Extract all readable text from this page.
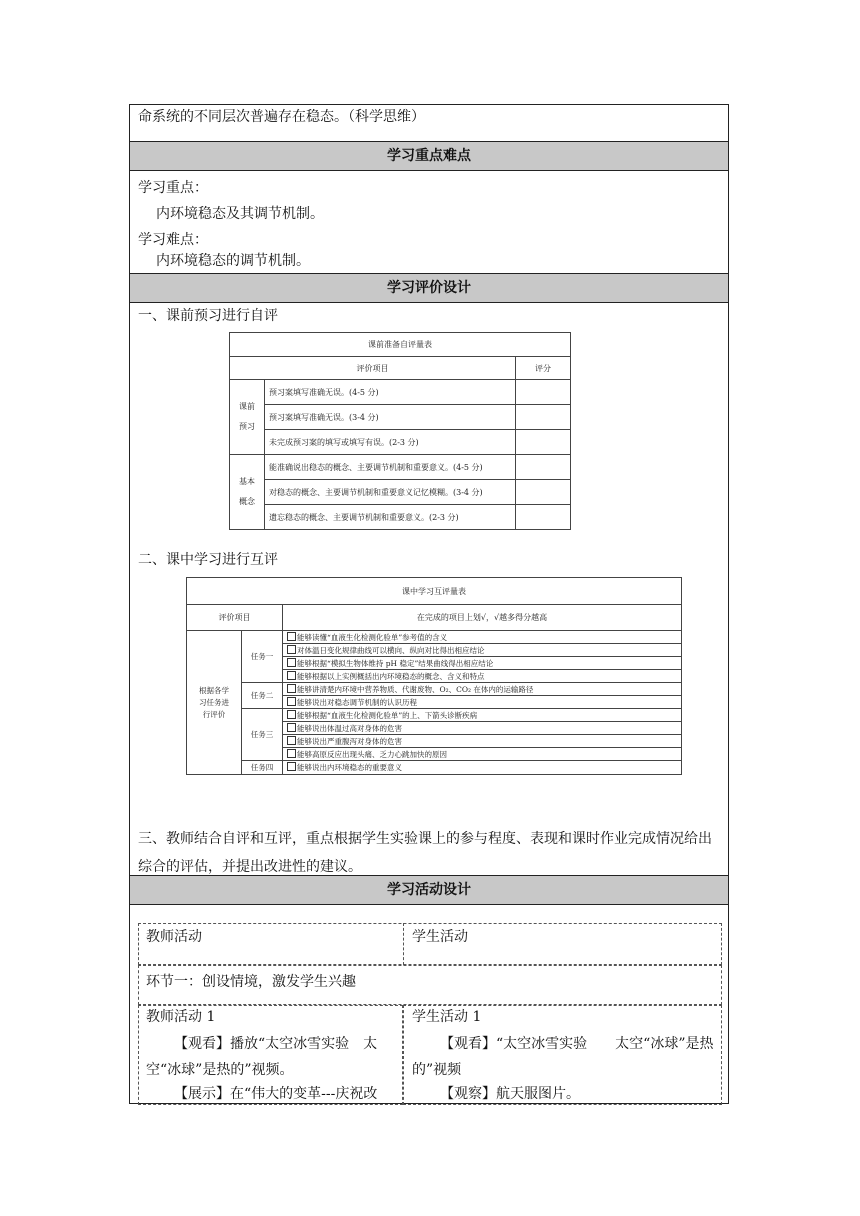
命系统的不同层次普遍存在稳态。（科学思维）
学习重点难点
学习重点：
内环境稳态及其调节机制。
学习难点：
内环境稳态的调节机制。
学习评价设计
一、课前预习进行自评
课前准备自评量表		
评价项目		评分
课前
预习	预习案填写准确无误。(4-5 分)	
	预习案填写准确无误。(3-4 分)	
	未完成预习案的填写或填写有误。(2-3 分)	
基本
概念	能准确说出稳态的概念、主要调节机制和重要意义。(4-5 分)	
	对稳态的概念、主要调节机制和重要意义记忆模糊。(3-4 分)	
	遗忘稳态的概念、主要调节机制和重要意义。(2-3 分)	
二、课中学习进行互评
课中学习互评量表		
评价项目		在完成的项目上划√，√越多得分越高
根据各学
习任务进
行评价	任务一	能够读懂“血液生化检测化验单”参考值的含义
		对体温日变化规律曲线可以横向、纵向对比得出相应结论
		能够根据“模拟生物体维持 pH 稳定”结果曲线得出相应结论
		能够根据以上实例概括出内环境稳态的概念、含义和特点
	任务二	能够讲清楚内环境中营养物质、代谢废物、O₂、CO₂ 在体内的运输路径
		能够说出对稳态调节机制的认识历程
	任务三	能够根据“血液生化检测化验单”的上、下箭头诊断疾病
		能够说出体温过高对身体的危害
		能够说出严重腹泻对身体的危害
		能够高原反应出现头痛、乏力心跳加快的原因
	任务四	能够说出内环境稳态的重要意义
三、教师结合自评和互评，重点根据学生实验课上的参与程度、表现和课时作业完成情况给出综合的评估，并提出改进性的建议。
学习活动设计
教师活动	学生活动
环节一：创设情境，激发学生兴趣
教师活动 1
【观看】播放“太空冰雪实验　太空“冰球”是热的”视频。
【展示】在“伟大的变革---庆祝改
学生活动 1
【观看】“太空冰雪实验　　太空“冰球”是热的”视频
【观察】航天服图片。
